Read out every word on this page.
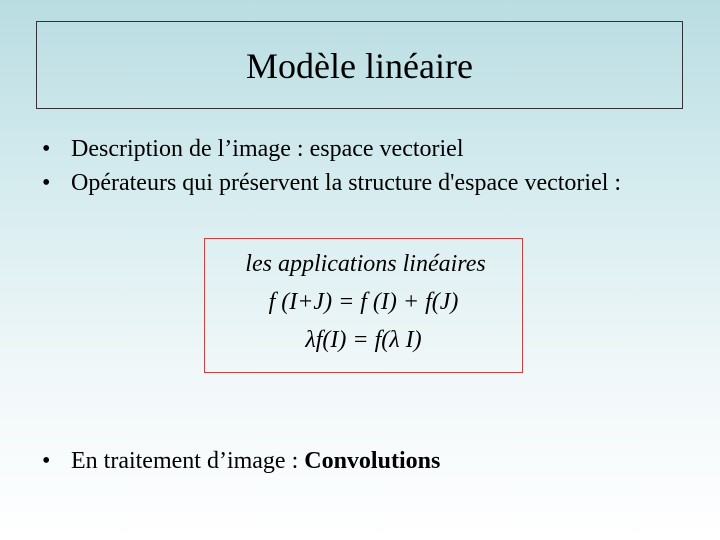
Modèle linéaire
• Description de l’image : espace vectoriel
• Opérateurs qui préservent la structure d'espace vectoriel :
les applications linéaires
f (I+J) = f (I) + f(J)
λf(I) = f(λ I)
• En traitement d’image : Convolutions
